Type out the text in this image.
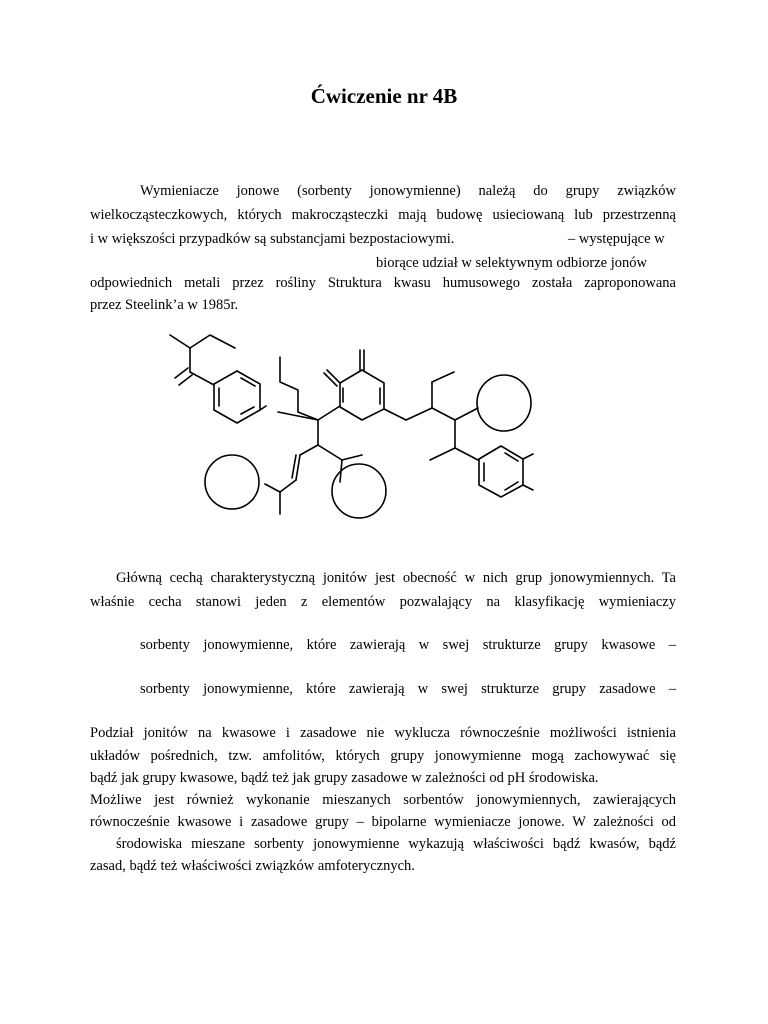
Ćwiczenie nr 4B
Wymieniacze jonowe (sorbenty jonowymienne) należą do grupy związków
wielkocząsteczkowych, których makrocząsteczki mają budowę usieciowaną lub przestrzenną
i w większości przypadków są substancjami bezpostaciowymi.	– występujące w
biorące udział w selektywnym odbiorze jonów
odpowiednich metali przez rośliny Struktura kwasu humusowego została zaproponowana
przez Steelink’a w 1985r.
Główną cechą charakterystyczną jonitów jest obecność w nich grup jonowymiennych. Ta
właśnie cecha stanowi jeden z elementów pozwalający na klasyfikację wymieniaczy
sorbenty jonowymienne, które zawierają w swej strukturze grupy kwasowe –
sorbenty jonowymienne, które zawierają w swej strukturze grupy zasadowe –
Podział jonitów na kwasowe i zasadowe nie wyklucza równocześnie możliwości istnienia
układów pośrednich, tzw. amfolitów, których grupy jonowymienne mogą zachowywać się
bądź jak grupy kwasowe, bądź też jak grupy zasadowe w zależności od pH środowiska.
Możliwe jest również wykonanie mieszanych sorbentów jonowymiennych, zawierających
równocześnie kwasowe i zasadowe grupy – bipolarne wymieniacze jonowe. W zależności od
środowiska mieszane sorbenty jonowymienne wykazują właściwości bądź kwasów, bądź
zasad, bądź też właściwości związków amfoterycznych.
